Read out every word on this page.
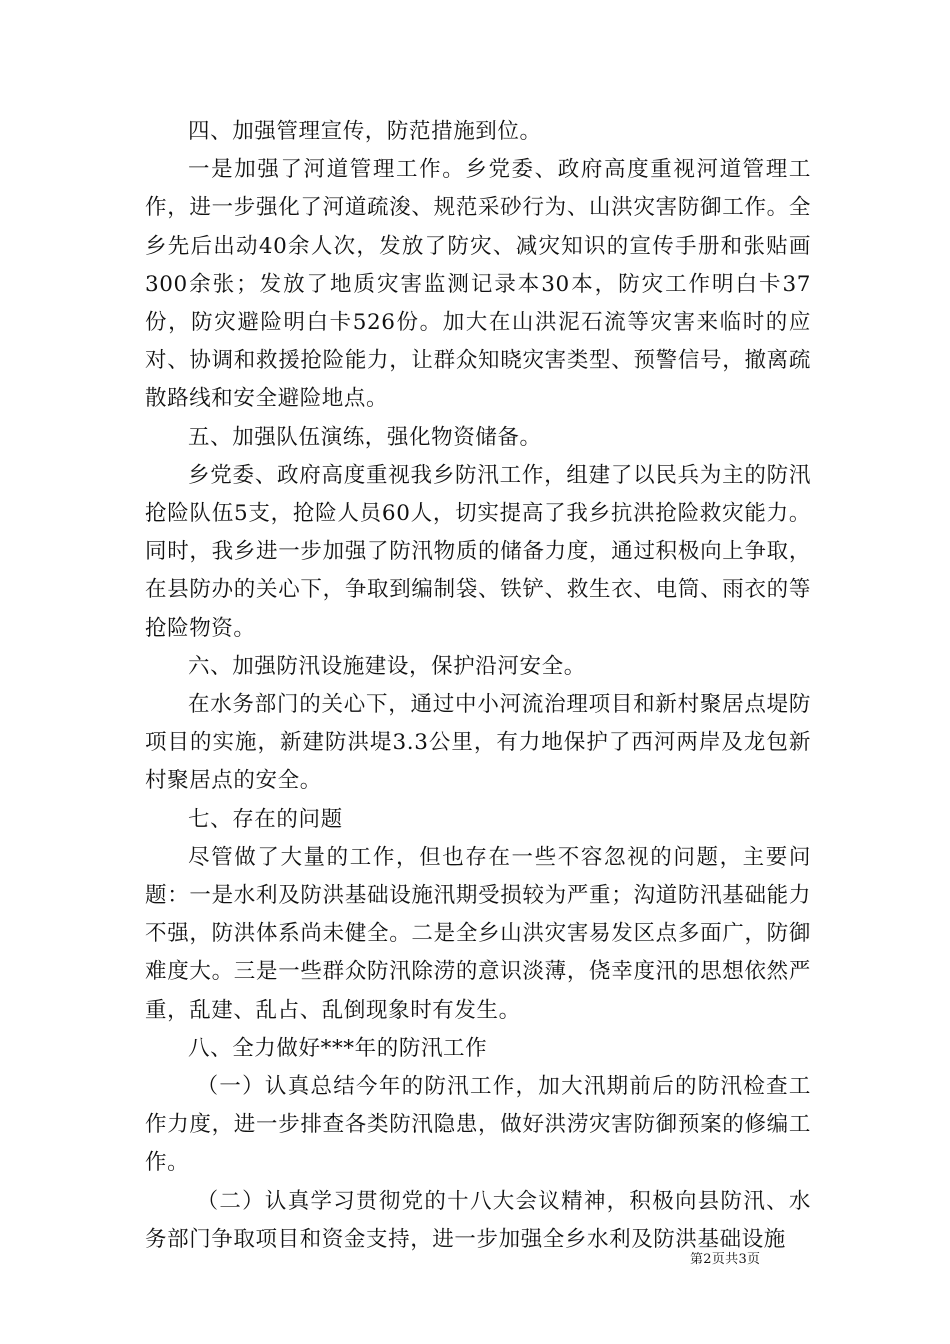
四、加强管理宣传，防范措施到位。

一是加强了河道管理工作。乡党委、政府高度重视河道管理工作，进一步强化了河道疏浚、规范采砂行为、山洪灾害防御工作。全乡先后出动40余人次，发放了防灾、减灾知识的宣传手册和张贴画300余张；发放了地质灾害监测记录本30本，防灾工作明白卡37份，防灾避险明白卡526份。加大在山洪泥石流等灾害来临时的应对、协调和救援抢险能力，让群众知晓灾害类型、预警信号，撤离疏散路线和安全避险地点。

五、加强队伍演练，强化物资储备。

乡党委、政府高度重视我乡防汛工作，组建了以民兵为主的防汛抢险队伍5支，抢险人员60人，切实提高了我乡抗洪抢险救灾能力。同时，我乡进一步加强了防汛物质的储备力度，通过积极向上争取，在县防办的关心下，争取到编制袋、铁铲、救生衣、电筒、雨衣的等抢险物资。

六、加强防汛设施建设，保护沿河安全。

在水务部门的关心下，通过中小河流治理项目和新村聚居点堤防项目的实施，新建防洪堤3.3公里，有力地保护了西河两岸及龙包新村聚居点的安全。

七、存在的问题

尽管做了大量的工作，但也存在一些不容忽视的问题，主要问题：一是水利及防洪基础设施汛期受损较为严重；沟道防汛基础能力不强，防洪体系尚未健全。二是全乡山洪灾害易发区点多面广，防御难度大。三是一些群众防汛除涝的意识淡薄，侥幸度汛的思想依然严重，乱建、乱占、乱倒现象时有发生。

八、全力做好***年的防汛工作

（一）认真总结今年的防汛工作，加大汛期前后的防汛检查工作力度，进一步排查各类防汛隐患，做好洪涝灾害防御预案的修编工作。

（二）认真学习贯彻党的十八大会议精神，积极向县防汛、水务部门争取项目和资金支持，进一步加强全乡水利及防洪基础设施

第2页共3页
